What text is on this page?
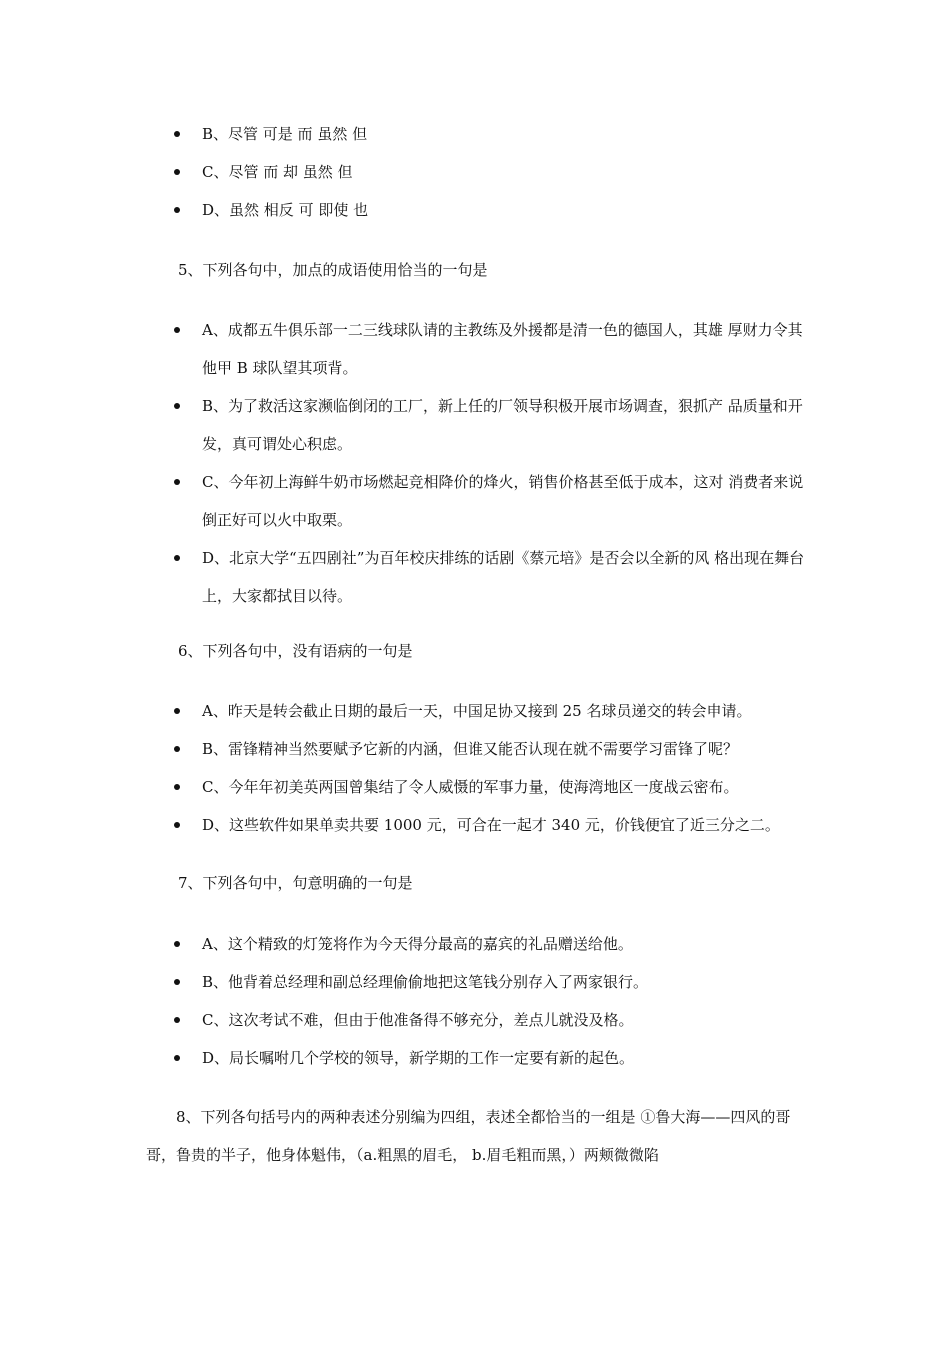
B、尽管 可是 而 虽然 但
C、尽管 而 却 虽然 但
D、虽然 相反 可 即使 也
5、下列各句中，加点的成语使用恰当的一句是
A、成都五牛俱乐部一二三线球队请的主教练及外援都是清一色的德国人，其雄 厚财力令其他甲 B 球队望其项背。
B、为了救活这家濒临倒闭的工厂，新上任的厂领导积极开展市场调查，狠抓产 品质量和开发，真可谓处心积虑。
C、今年初上海鲜牛奶市场燃起竞相降价的烽火，销售价格甚至低于成本，这对 消费者来说倒正好可以火中取栗。
D、北京大学“五四剧社”为百年校庆排练的话剧《蔡元培》是否会以全新的风 格出现在舞台上，大家都拭目以待。
6、下列各句中，没有语病的一句是
A、昨天是转会截止日期的最后一天，中国足协又接到 25 名球员递交的转会申请。
B、雷锋精神当然要赋予它新的内涵，但谁又能否认现在就不需要学习雷锋了呢？
C、今年年初美英两国曾集结了令人威慑的军事力量，使海湾地区一度战云密布。
D、这些软件如果单卖共要 1000 元，可合在一起才 340 元，价钱便宜了近三分之二。
7、下列各句中，句意明确的一句是
A、这个精致的灯笼将作为今天得分最高的嘉宾的礼品赠送给他。
B、他背着总经理和副总经理偷偷地把这笔钱分别存入了两家银行。
C、这次考试不难，但由于他准备得不够充分，差点儿就没及格。
D、局长嘱咐几个学校的领导，新学期的工作一定要有新的起色。
8、下列各句括号内的两种表述分别编为四组，表述全都恰当的一组是 ①鲁大海——四风的哥哥，鲁贵的半子，他身体魁伟，（a.粗黑的眉毛， b.眉毛粗而黑，）两颊微微陷
